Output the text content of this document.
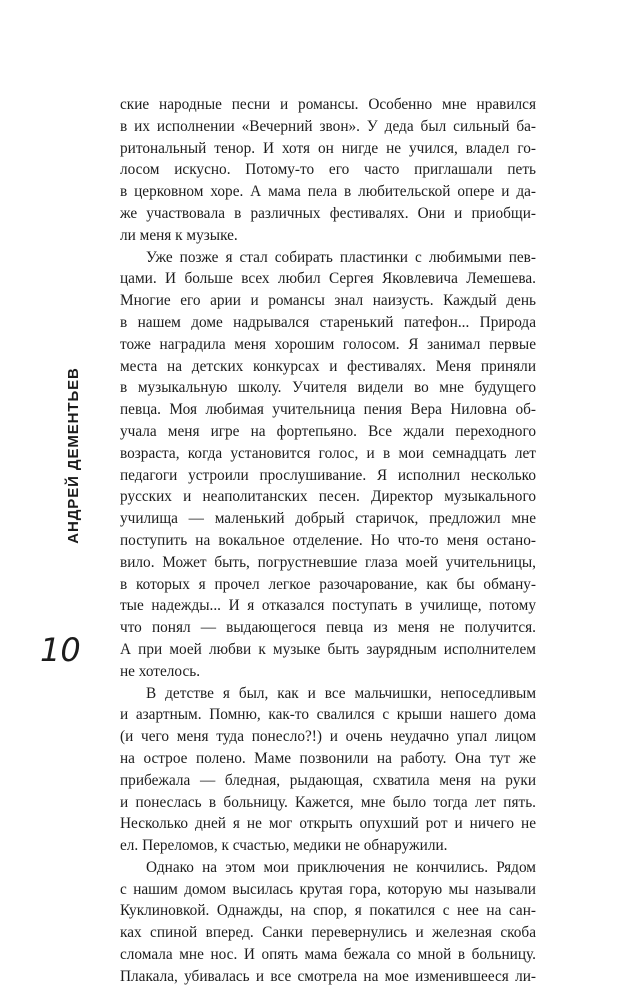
АНДРЕЙ ДЕМЕНТЬЕВ
10
ские народные песни и романсы. Особенно мне нравился
в их исполнении «Вечерний звон». У деда был сильный ба-
ритональный тенор. И хотя он нигде не учился, владел го-
лосом искусно. Потому-то его часто приглашали петь
в церковном хоре. А мама пела в любительской опере и да-
же участвовала в различных фестивалях. Они и приобщи-
ли меня к музыке.
Уже позже я стал собирать пластинки с любимыми пев-
цами. И больше всех любил Сергея Яковлевича Лемешева.
Многие его арии и романсы знал наизусть. Каждый день
в нашем доме надрывался старенький патефон... Природа
тоже наградила меня хорошим голосом. Я занимал первые
места на детских конкурсах и фестивалях. Меня приняли
в музыкальную школу. Учителя видели во мне будущего
певца. Моя любимая учительница пения Вера Ниловна об-
учала меня игре на фортепьяно. Все ждали переходного
возраста, когда установится голос, и в мои семнадцать лет
педагоги устроили прослушивание. Я исполнил несколько
русских и неаполитанских песен. Директор музыкального
училища — маленький добрый старичок, предложил мне
поступить на вокальное отделение. Но что-то меня остано-
вило. Может быть, погрустневшие глаза моей учительницы,
в которых я прочел легкое разочарование, как бы обману-
тые надежды... И я отказался поступать в училище, потому
что понял — выдающегося певца из меня не получится.
А при моей любви к музыке быть заурядным исполнителем
не хотелось.
В детстве я был, как и все мальчишки, непоседливым
и азартным. Помню, как-то свалился с крыши нашего дома
(и чего меня туда понесло?!) и очень неудачно упал лицом
на острое полено. Маме позвонили на работу. Она тут же
прибежала — бледная, рыдающая, схватила меня на руки
и понеслась в больницу. Кажется, мне было тогда лет пять.
Несколько дней я не мог открыть опухший рот и ничего не
ел. Переломов, к счастью, медики не обнаружили.
Однако на этом мои приключения не кончились. Рядом
с нашим домом высилась крутая гора, которую мы называли
Куклиновкой. Однажды, на спор, я покатился с нее на сан-
ках спиной вперед. Санки перевернулись и железная скоба
сломала мне нос. И опять мама бежала со мной в больницу.
Плакала, убивалась и все смотрела на мое изменившееся ли-
